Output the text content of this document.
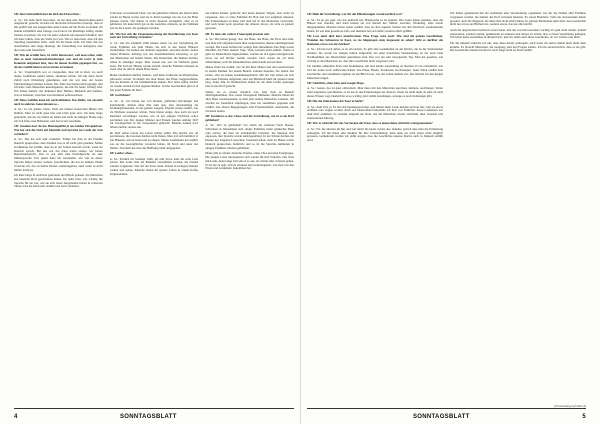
SB: Aber letztendlich hast du dich doch bewerben...

A. Sz.: Ich habe mich beworben, da hat man eine Deutsch-Russ-kund ausgesucht, gesucht, da habe ich die Reise-Schwarzbrot besorgt, dass es mir gefällt und das Ausgeschrie-bene Leben auf die Probe zu stellen; ich bekam schließlich eine Zusage, noch bevor ich überhaupt anfing, meine Sachen zu packen. Da war ich dann vollends auf unserem Schulhof, und ich hatte Glück, dass die Stelle frei war. Wie es dazu kam, dass ich den Zuschlag bekommen habe, weiß ich bis heute nicht. Ich habe mir das Anschreiben sehr lange überlegt, die Vorstellung war aufregend, aber die Leute sehr freundlich.

SB: Wie du erzählt hast, ist nicht interessant, weil man schon weiß, dass es auch Gemeinschaftszeitungen war, und du warst ja viele Kenntnis aufgebaut hast, dass du immer dorthin gegangen bist, wo du das Gefühl hattest etwas lernen zu können.

A. Sz.: Ursprünglich war es vorgesehen, dass ich in Kiel, wo auch meine Großeltern gelebt haben, studieren würde. Ich bin dann durch Zufall nach Oldenburg gekommen, und das war eine der besten Entscheidungen meines Lebens. Die Jahre dort haben mich geprägt, und ich habe viele Menschen kennengelernt, die mir bis heute wichtig sind. Wir haben damals viel diskutiert über Heimat, Herkunft und darüber, was es bedeutet, zwischen zwei Kulturen aufzuwachsen.

SB: Diese Gefühle kann ich nachvollziehen. Das bleibt, wie aussieht auch in anderen Generationen so...

A. Sz.: Ja, ich glaube schon. Viele aus meiner Generation fühlen sich ähnlich. Man ist nicht ganz hier und nicht ganz dort. Ich habe lange gebraucht, um das als Stärke zu sehen und nicht als Mangel. Heute sage ich: Ich habe zwei Heimaten, und das ist ein Geschenk.

SB: Gesehen hast du das Heimatgefühl ja aus beiden Perspektiven. Wie hat sich die Sicht auf Identität und Sprache im Laufe der Zeit verändert?

A. Sz.: Das hat sich sehr verändert. Früher hat man in der Familie Deutsch gesprochen, aber draußen war es oft nicht gern gesehen. Meine Großmutter hat erzählt, dass sie in der Schule bestraft wurde, wenn sie Deutsch sprach. Bei uns war das dann schon anders, wir hatten Deutschunterricht, aber es war eher eine Fremdsprache als eine Muttersprache. Erst später habe ich verstanden, wie viel an dieser Sprache hängt: Lieder, Gebete, Geschichten, die Art zu denken. Heute versuche ich, das an meine Kinder weiterzugeben, auch wenn es nicht immer leicht ist.

Ich habe lange in Archiven gearbeitet und Briefe gelesen, die Menschen aus unserem Dorf geschrieben haben. Da spürt man, wie wichtig die Sprache für sie war, wie sie sich daran festgehalten haben in schweren Zeiten. Das hat mich sehr berührt und auch verändert.

Schwester von meinem Vater, wie die geheimen Treffen am Abend dann wieder zu Hause waren, und sie in Jubel-Gesänge wie sie von der Haus gelesen wurde. Wir haben es nicht dauernd nachgelebt, aber es ist geblieben. Ich kann mich gut an die Gesichter erinnern, an die Stimmen und an die Lieder, die gesungen wurden.

SB: Wie hat sich die Zusammensetzung der Bevölkerung von Kaer nach der Vertreibung verändert?

A. Sz.: Als das schlimm 1946 kamen schon vor der Vertreibung die ersten Familien aus dem Süden, die sich in den leeren Häusern niederließen. Sie kamen aus anderen Gegenden, sprachen anders, hatten andere Bräuche. Anfangs war das Zusammenleben schwierig, es gab viel Misstrauen auf beiden Seiten. Die Deutschen, die bleiben durften, lebten in ständiger Angst. Man wusste nie, wer als Nächstes gehen muss. Ein Teil der Häuser wurde verteilt, manche Familien mussten zu zweit oder zu dritt in einem Haus leben.

Meine Großeltern durften bleiben, weil mein Großvater als Handwerker gebraucht wurde. Trotzdem hat man ihnen das Haus weggenommen, und sie mussten in die Sommerküche ziehen. Erst Jahre später durften sie wieder zurück in ihre eigenen Räume. Solche Geschichten gibt es in fast jeder Familie im Dorf.

SB: Gerüchten?

A. Sz.: Ja, wir hörten nur von Russen, geflüchtet Kirchengut und Kinderheim, damals ohne Ziel zum Aus, aber Abschiebung der Wohnungsbauenden, in der ganzen Gegend. Überall wurde erzählt, was als Nächstes passieren würde. Viele hatten Angst, dass auch sie nach Russland verschleppt werden, wie es bei einigen Nachbarn schon geschehen war. Die jungen Männer und Frauen wurden Anfang 1945 zur Zwangsarbeit in die Sowjetunion gebracht. Manche kamen nach Jahren zurück, andere nie.

Im Dorf selbst wurde das Leben immer stiller. Die Kirche war oft geschlossen, die Glocken durften nicht läuten. Man traf sich heimlich in den Häusern, um zu beten und zu singen. Meine Großmutter hat erzählt, wie sie die Gesangbücher versteckt haben, im Stroh und unter den Dielen. Trotzdem hat man die Hoffnung nicht aufgegeben.

SB: Leider schon...

A. Sz.: Erstmal im Sommer 1946, im Jahr davor kam die erste Liste heraus. Die Leute sind am Bahnhof versammelt worden, die Namen wurden vorgelesen. Wer auf der Liste stand, musste in wenigen Stunden packen und gehen. Manche haben ihr ganzes Leben in einem Koffer mitgenommen.

die halben Kinder gebracht und einen kleinen Wagen, aber nicht zu vergessen, dass so viele Familien ihr Hab und Gut aufgeben mussten. Die Erinnerungen an diese Zeit sind tief in den Menschen verwurzelt, und auch heute noch sprechen die Älteren davon, als wäre es gestern gewesen.

SB: Es muss ein wahres Trauerspiel gewesen sein.

A. Sz.: Die haben gesagt, also das Haus, das Haus, die Tiere und alles, was man sich aufgebaut hatte über Generationen, musste zurückgelassen werden. Die Leute durften nur wenige Kilo mitnehmen. Die Züge waren überfüllt, die Fahrt dauerte Tage. Viele wussten nicht einmal, wohin es geht. In Deutschland angekommen, wurden sie in Lagern untergebracht, bevor sie auf Dörfer verteilt wurden. Dort waren sie oft nicht willkommen, weil die Einheimischen selbst kaum etwas hatten.

Meine Tante hat erzählt, wie sie mit ihrer Mutter und den Geschwistern in einem Zimmer bei einem Bauern wohnen mussten. Sie hatten fast nichts, aber sie haben zusammengehalten. Mit der Zeit haben sie sich eine neue Existenz aufgebaut, aber das Heimweh blieb ihr ganzes Leben lang. Jedes Jahr zu Weihnachten haben sie die alten Lieder gesungen und an das Dorf gedacht.

Später, als es wieder möglich war, sind viele zu Besuch zurückgekommen. Das waren bewegende Momente. Manche haben ihr altes Haus wiedergesehen, in dem jetzt andere Menschen wohnten. Oft wurden sie freundlich empfangen, man hat zusammen gegessen und erzählt. Aus diesen Begegnungen sind Freundschaften entstanden, die bis heute halten.

SB: Inwiefern so das Chaos und die Vertreibung, wie ist es im Dorf geblieben?

A. Sz.: Wer ist geblieben? Vor allem die Armeren Nach Donau-Schwaben in Jahrzehnten sich, einige Familien, meist gemischte Ehen oder solche, die man als Arbeitskräfte brauchte. Sie mussten sich anpassen, ihre Sprache wurde zurückgedrängt. In der Schule durften die Kinder nur Ungarisch sprechen. Trotzdem haben viele zu Hause weiter Deutsch gesprochen, heimlich, und so ist die Sprache zumindest in einigen Familien erhalten geblieben.

Heute gibt es wieder deutsche Vereine, einen Chor und eine Tanzgruppe. Die jungen Leute interessieren sich wieder für ihre Wurzeln. Das freut mich sehr, denn lange Zeit sah es so aus, als würde alles verloren gehen. Es ist nie zu spät, sich zu erinnern und weiterzugeben, was man von den Eltern und Großeltern bekommen hat.

4	SONNTAGSBLATT

SB: Hielt die Vertreibung, war für die Plünderungen verantwortlich war?

A. Sz.: Es ist gar egal, wie das gemacht hat, Hauptsache es ist passiert. Die Leute haben gesehen, dass die Häuser leer standen, und dann kamen sie von überall her. Möbel, Geschirr, Werkzeug, alles wurde mitgenommen. Manche haben später erzählt, dass sie ihre eigenen Sachen bei den Nachbarn wiedererkannt haben. Es war eine gesetzlose Zeit, und niemand hat sich dafür verantwortlich gefühlt.

SB: Lass mich dich kurz unterbrechen. Eine Frage wäre noch: Wie sind die ganzen Geschichten, Wunden des Schmerzes in Kaer, wo sie hingezogen sind, insgesamt zu sehen? Gibt es darüber ein Denkmal, etwas wie ein Zeichen?

A. Sz.: Ich bin noch dabei, es zu erforschen. Es gibt eine Gedenktafel an der Kirche, die an die Vertriebenen erinnert. Sie wurde vor einigen Jahren aufgestellt, bei einer feierlichen Veranstaltung, zu der auch viele Nachkommen aus Deutschland gekommen sind. Das war ein sehr bewegender Tag. Man hat gesehen, wie wichtig es den Menschen ist, dass ihre Geschichte nicht vergessen wird.

Ich sammle außerdem Fotos und Dokumente, um eine kleine Ausstellung zu machen. Es ist erstaunlich, wie viel die Leute noch aufbewahrt haben: alte Pässe, Briefe, Postkarten, Kochrezepte. Jedes Stück erzählt eine Geschichte, und zusammen ergeben sie ein Bild davon, wie das Leben damals war. Das möchte ich den jungen Menschen zeigen.

SB: Natürlich, ohne Alias und Google Maps.

A. Sz.: Genau, das ist ganz altmodisch. Man muss mit den Menschen sprechen, zuhören, nachfragen. Vieles steht nirgendwo geschrieben, es ist nur in den Erinnerungen der Älteren. Wenn sie nicht mehr da sind, ist auch dieses Wissen weg. Deshalb ist es so wichtig, jetzt damit anzufangen, solange es noch Zeitzeugen gibt.

SB: Hat die Information der Kaer erreicht?

A. Sz.: Zum Teil, ja. Es hat sich herumgesprochen, und immer mehr Leute melden sich bei mir, weil sie etwas erzählen oder zeigen wollen. Auch aus Deutschland bekomme ich Post von Familien, deren Großeltern aus dem Dorf stammen. So entsteht langsam ein Netz, das die Menschen wieder verbindet, über Grenzen und Generationen hinweg.

SB: Wer er nicht für für das Verstecken der Kaer, dass es denen deine Aktivität wahrgenommen?

A. Sz.: Na, die ältesten im Rat und Gut leicht bis heute, bestes also beinahe, jedoch dass man die Erinnerung weitergibt. Ich bin ihnen sehr dankbar für ihre Unterstützung, denn ohne sie wäre vieles nicht möglich gewesen. Gemeinsam wollen wir dafür sorgen, dass die Geschichte unseres Dorfes auch in Zukunft erzählt wird.

Wir haben gemeinsam mit der Gemeinde eine Veranstaltung organisiert, bei der die Namen aller Familien vorgelesen wurden, die damals das Dorf verlassen mussten. Es waren Hunderte. Viele der Anwesenden haben geweint, auch die Jüngeren, die diese Zeit nicht erlebt haben. In solchen Momenten spürt man, dass Geschichte nicht nur etwas aus Büchern ist, sondern etwas, das uns alle betrifft.

Auch die ungarischen Nachbarn waren dabei, und das war mir besonders wichtig. Es geht nicht darum, Schuld zuzuweisen, sondern darum, gemeinsam zu erinnern und daraus zu lernen. Nur so kann Versöhnung gelingen. Wir leben heute zusammen in diesem Dorf, und wir teilen auch diese Geschichte, ob wir wollen oder nicht.

Für die Zukunft wünsche ich mir, dass diese Arbeit weitergeht, auch wenn ich selbst einmal nicht mehr dazu komme. Es braucht Menschen, die neugierig sind und Fragen stellen. Ich bin zuversichtlich, dass es sie gibt. Die Geschichte unseres Dorfes ist noch lange nicht zu Ende erzählt.

(Fortsetzung auf Seite 6)
SONNTAGSBLATT	5
